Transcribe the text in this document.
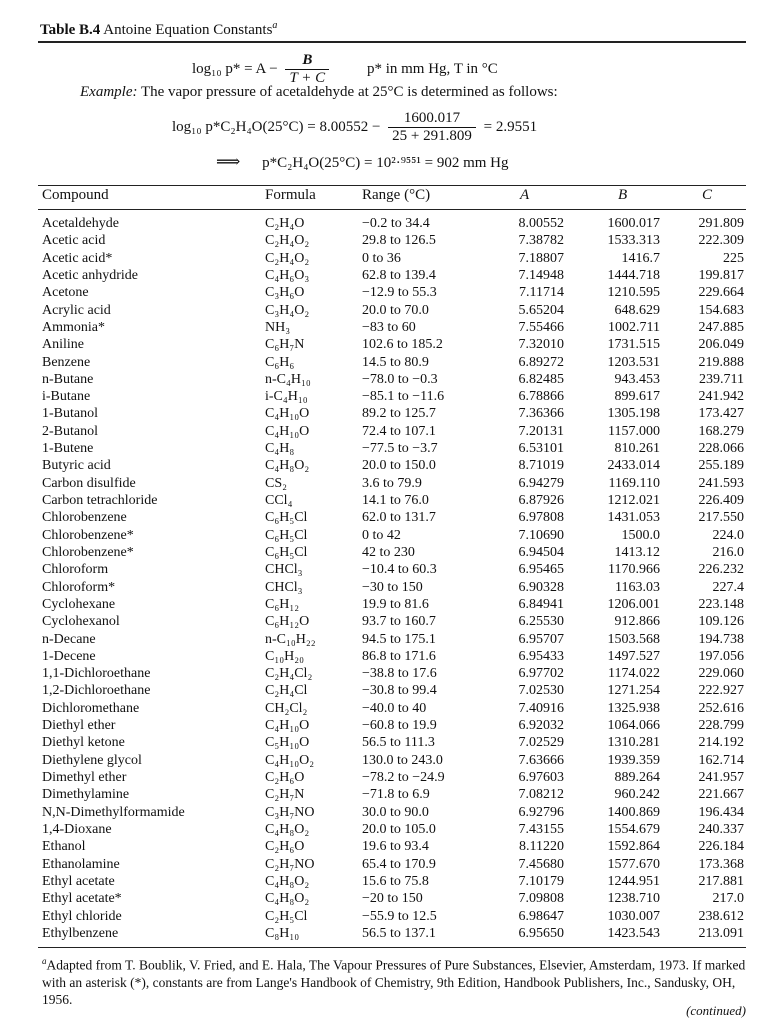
Table B.4 Antoine Equation Constants$^a$
log₁₀ $p* = A - \frac{B}{T + C}$	p* in mm Hg, T in °C
Example: The vapor pressure of acetaldehyde at 25°C is determined as follows:
log₁₀ $p*C_2H_4O(25^\circ C) = 8.00552 - \frac{1600.017}{25 + 291.809} = 2.9551$
⟹ p*C₂H₄O(25°C) = 10²·⁹⁵⁵¹ = 902 mm Hg
Compound	Formula	Range (°C)	A	B	C
Acetaldehyde	C₂H₄O	−0.2 to 34.4	8.00552	1600.017	291.809
Acetic acid	C₂H₄O₂	29.8 to 126.5	7.38782	1533.313	222.309
Acetic acid*	C₂H₄O₂	0 to 36	7.18807	1416.7	225
Acetic anhydride	C₄H₆O₃	62.8 to 139.4	7.14948	1444.718	199.817
Acetone	C₃H₆O	−12.9 to 55.3	7.11714	1210.595	229.664
Acrylic acid	C₃H₄O₂	20.0 to 70.0	5.65204	648.629	154.683
Ammonia*	NH₃	−83 to 60	7.55466	1002.711	247.885
Aniline	C₆H₇N	102.6 to 185.2	7.32010	1731.515	206.049
Benzene	C₆H₆	14.5 to 80.9	6.89272	1203.531	219.888
n-Butane	n-C₄H₁₀	−78.0 to −0.3	6.82485	943.453	239.711
i-Butane	i-C₄H₁₀	−85.1 to −11.6	6.78866	899.617	241.942
1-Butanol	C₄H₁₀O	89.2 to 125.7	7.36366	1305.198	173.427
2-Butanol	C₄H₁₀O	72.4 to 107.1	7.20131	1157.000	168.279
1-Butene	C₄H₈	−77.5 to −3.7	6.53101	810.261	228.066
Butyric acid	C₄H₈O₂	20.0 to 150.0	8.71019	2433.014	255.189
Carbon disulfide	CS₂	3.6 to 79.9	6.94279	1169.110	241.593
Carbon tetrachloride	CCl₄	14.1 to 76.0	6.87926	1212.021	226.409
Chlorobenzene	C₆H₅Cl	62.0 to 131.7	6.97808	1431.053	217.550
Chlorobenzene*	C₆H₅Cl	0 to 42	7.10690	1500.0	224.0
Chlorobenzene*	C₆H₅Cl	42 to 230	6.94504	1413.12	216.0
Chloroform	CHCl₃	−10.4 to 60.3	6.95465	1170.966	226.232
Chloroform*	CHCl₃	−30 to 150	6.90328	1163.03	227.4
Cyclohexane	C₆H₁₂	19.9 to 81.6	6.84941	1206.001	223.148
Cyclohexanol	C₆H₁₂O	93.7 to 160.7	6.25530	912.866	109.126
n-Decane	n-C₁₀H₂₂	94.5 to 175.1	6.95707	1503.568	194.738
1-Decene	C₁₀H₂₀	86.8 to 171.6	6.95433	1497.527	197.056
1,1-Dichloroethane	C₂H₄Cl₂	−38.8 to 17.6	6.97702	1174.022	229.060
1,2-Dichloroethane	C₂H₄Cl	−30.8 to 99.4	7.02530	1271.254	222.927
Dichloromethane	CH₂Cl₂	−40.0 to 40	7.40916	1325.938	252.616
Diethyl ether	C₄H₁₀O	−60.8 to 19.9	6.92032	1064.066	228.799
Diethyl ketone	C₅H₁₀O	56.5 to 111.3	7.02529	1310.281	214.192
Diethylene glycol	C₄H₁₀O₂	130.0 to 243.0	7.63666	1939.359	162.714
Dimethyl ether	C₂H₆O	−78.2 to −24.9	6.97603	889.264	241.957
Dimethylamine	C₂H₇N	−71.8 to 6.9	7.08212	960.242	221.667
N,N-Dimethylformamide	C₃H₇NO	30.0 to 90.0	6.92796	1400.869	196.434
1,4-Dioxane	C₄H₈O₂	20.0 to 105.0	7.43155	1554.679	240.337
Ethanol	C₂H₆O	19.6 to 93.4	8.11220	1592.864	226.184
Ethanolamine	C₂H₇NO	65.4 to 170.9	7.45680	1577.670	173.368
Ethyl acetate	C₄H₈O₂	15.6 to 75.8	7.10179	1244.951	217.881
Ethyl acetate*	C₄H₈O₂	−20 to 150	7.09808	1238.710	217.0
Ethyl chloride	C₂H₅Cl	−55.9 to 12.5	6.98647	1030.007	238.612
Ethylbenzene	C₈H₁₀	56.5 to 137.1	6.95650	1423.543	213.091
$^a$Adapted from T. Boublik, V. Fried, and E. Hala, The Vapour Pressures of Pure Substances, Elsevier, Amsterdam, 1973. If marked with an asterisk (*), constants are from Lange's Handbook of Chemistry, 9th Edition, Handbook Publishers, Inc., Sandusky, OH, 1956.
(continued)
